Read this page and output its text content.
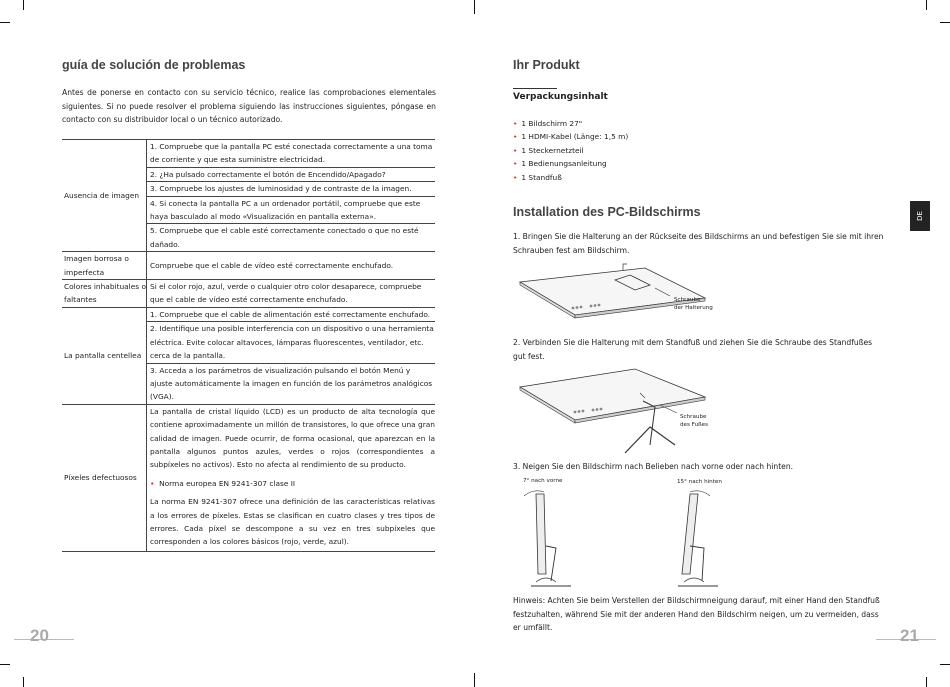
guía de solución de problemas
Antes de ponerse en contacto con su servicio técnico, realice las comprobaciones elementales siguientes. Si no puede resolver el problema siguiendo las instrucciones siguientes, póngase en contacto con su distribuidor local o un técnico autorizado.
Ausencia de imagen	1. Compruebe que la pantalla PC esté conectada correctamente a una toma de corriente y que esta suministre electricidad.
	2. ¿Ha pulsado correctamente el botón de Encendido/Apagado?
	3. Compruebe los ajustes de luminosidad y de contraste de la imagen.
	4. Si conecta la pantalla PC a un ordenador portátil, compruebe que este haya basculado al modo «Visualización en pantalla externa».
	5. Compruebe que el cable esté correctamente conectado o que no esté dañado.
Imagen borrosa o imperfecta	Compruebe que el cable de vídeo esté correctamente enchufado.
Colores inhabituales o faltantes	Si el color rojo, azul, verde o cualquier otro color desaparece, compruebe que el cable de vídeo esté correctamente enchufado.
La pantalla centellea	1. Compruebe que el cable de alimentación esté correctamente enchufado.
	2. Identifique una posible interferencia con un dispositivo o una herramienta eléctrica. Evite colocar altavoces, lámparas fluorescentes, ventilador, etc. cerca de la pantalla.
	3. Acceda a los parámetros de visualización pulsando el botón Menú y ajuste automáticamente la imagen en función de los parámetros analógicos (VGA).
Píxeles defectuosos	La pantalla de cristal líquido (LCD) es un producto de alta tecnología que contiene aproximadamente un millón de transistores, lo que ofrece una gran calidad de imagen. Puede ocurrir, de forma ocasional, que aparezcan en la pantalla algunos puntos azules, verdes o rojos (correspondientes a subpíxeles no activos). Esto no afecta al rendimiento de su producto.
• Norma europea EN 9241-307 clase II
La norma EN 9241-307 ofrece una definición de las características relativas a los errores de píxeles. Estas se clasifican en cuatro clases y tres tipos de errores. Cada píxel se descompone a su vez en tres subpíxeles que corresponden a los colores básicos (rojo, verde, azul).
20
Ihr Produkt
Verpackungsinhalt
• 1 Bildschirm 27"
• 1 HDMI-Kabel (Länge: 1,5 m)
• 1 Steckernetzteil
• 1 Bedienungsanleitung
• 1 Standfuß
Installation des PC-Bildschirms
1. Bringen Sie die Halterung an der Rückseite des Bildschirms an und befestigen Sie sie mit ihren Schrauben fest am Bildschirm.
Schraube
der Halterung
2. Verbinden Sie die Halterung mit dem Standfuß und ziehen Sie die Schraube des Standfußes gut fest.
Schraube
des Fußes
3. Neigen Sie den Bildschirm nach Belieben nach vorne oder nach hinten.
7° nach vorne	15° nach hinten
Hinweis: Achten Sie beim Verstellen der Bildschirmneigung darauf, mit einer Hand den Standfuß festzuhalten, während Sie mit der anderen Hand den Bildschirm neigen, um zu vermeiden, dass er umfällt.
DE
21
